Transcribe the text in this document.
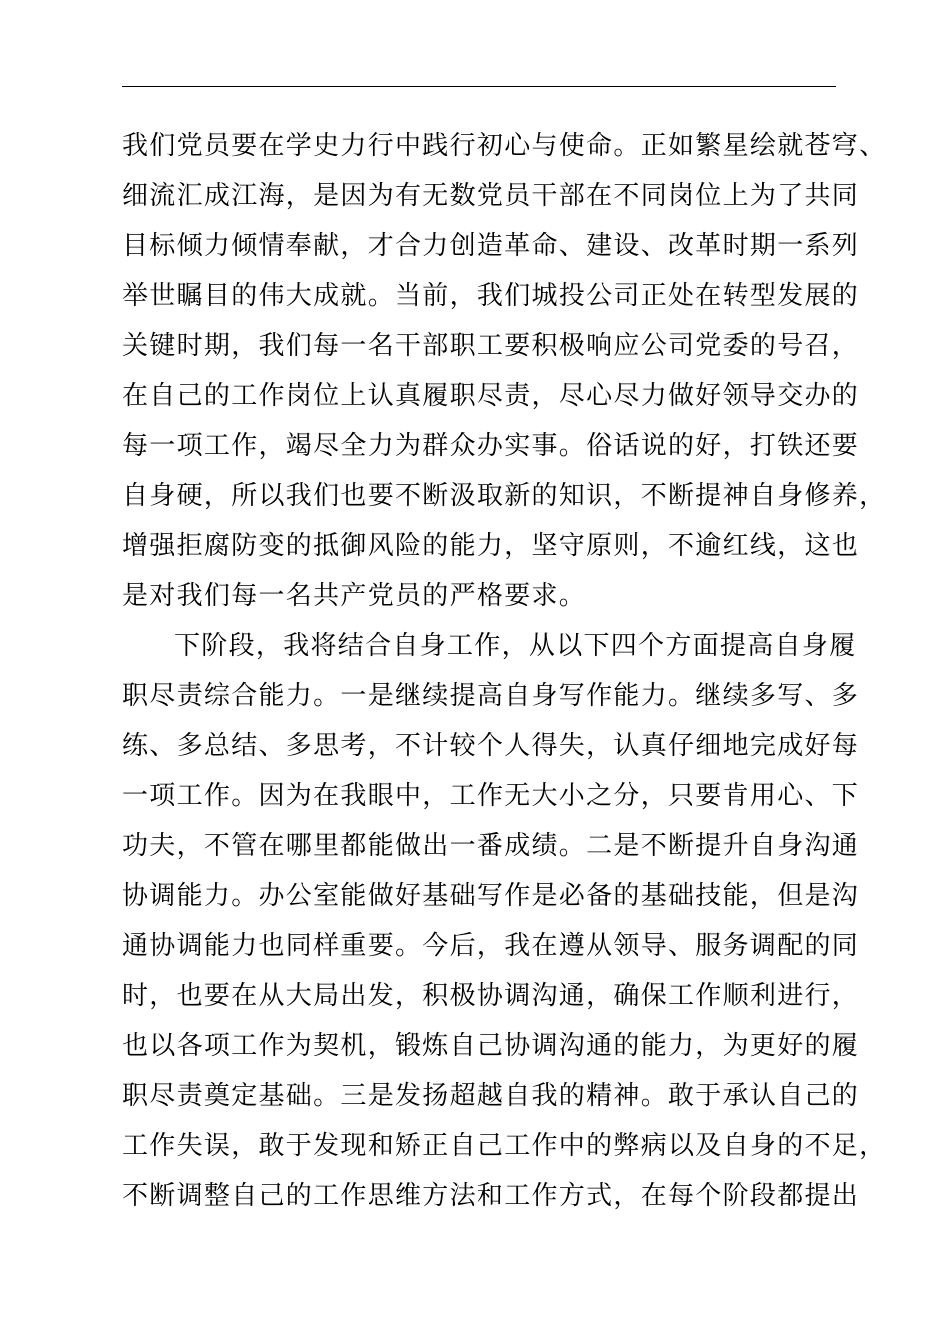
我们党员要在学史力行中践行初心与使命。正如繁星绘就苍穹、
细流汇成江海，是因为有无数党员干部在不同岗位上为了共同
目标倾力倾情奉献，才合力创造革命、建设、改革时期一系列
举世瞩目的伟大成就。当前，我们城投公司正处在转型发展的
关键时期，我们每一名干部职工要积极响应公司党委的号召，
在自己的工作岗位上认真履职尽责，尽心尽力做好领导交办的
每一项工作，竭尽全力为群众办实事。俗话说的好，打铁还要
自身硬，所以我们也要不断汲取新的知识，不断提神自身修养，
增强拒腐防变的抵御风险的能力，坚守原则，不逾红线，这也
是对我们每一名共产党员的严格要求。
下阶段，我将结合自身工作，从以下四个方面提高自身履
职尽责综合能力。一是继续提高自身写作能力。继续多写、多
练、多总结、多思考，不计较个人得失，认真仔细地完成好每
一项工作。因为在我眼中，工作无大小之分，只要肯用心、下
功夫，不管在哪里都能做出一番成绩。二是不断提升自身沟通
协调能力。办公室能做好基础写作是必备的基础技能，但是沟
通协调能力也同样重要。今后，我在遵从领导、服务调配的同
时，也要在从大局出发，积极协调沟通，确保工作顺利进行，
也以各项工作为契机，锻炼自己协调沟通的能力，为更好的履
职尽责奠定基础。三是发扬超越自我的精神。敢于承认自己的
工作失误，敢于发现和矫正自己工作中的弊病以及自身的不足，
不断调整自己的工作思维方法和工作方式，在每个阶段都提出
